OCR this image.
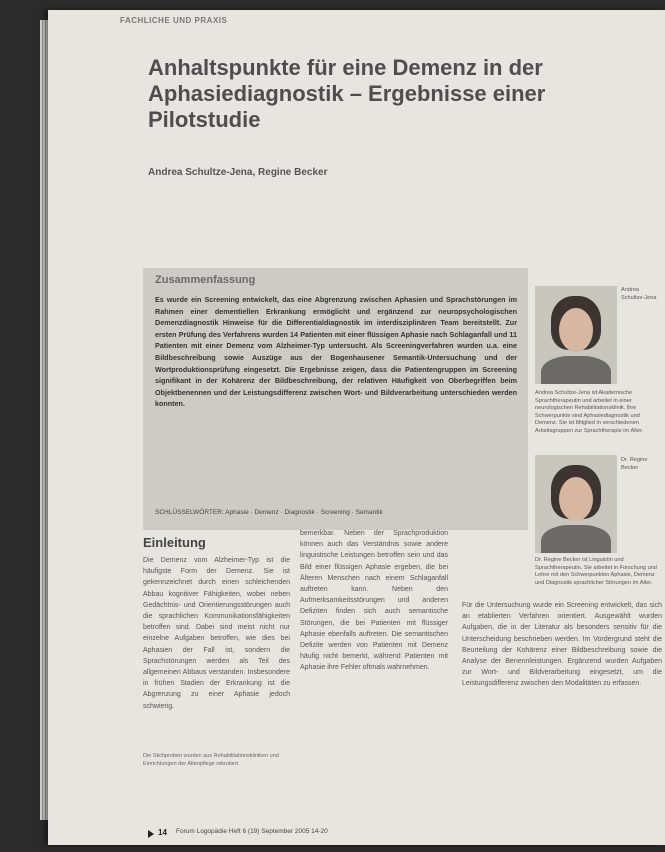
FACHLICHE UND PRAXIS
Anhaltspunkte für eine Demenz in der Aphasiediagnostik – Ergebnisse einer Pilotstudie
Andrea Schultze-Jena, Regine Becker
Zusammenfassung
Es wurde ein Screening entwickelt, das eine Abgrenzung zwischen Aphasien und Sprachstörungen im Rahmen einer dementiellen Erkrankung ermöglicht und ergänzend zur neuropsychologischen Demenzdiagnostik Hinweise für die Differentialdiagnostik im interdisziplinären Team bereitstellt. Zur ersten Prüfung des Verfahrens wurden 14 Patienten mit einer flüssigen Aphasie nach Schlaganfall und 11 Patienten mit einer Demenz vom Alzheimer-Typ untersucht. Als Screeningverfahren wurden u.a. eine Bildbeschreibung sowie Auszüge aus der Bogenhausener Semantik-Untersuchung und der Wortproduktionsprüfung eingesetzt. Die Ergebnisse zeigen, dass die Patientengruppen im Screening signifikant in der Kohärenz der Bildbeschreibung, der relativen Häufigkeit von Oberbegriffen beim Objektbenennen und der Leistungsdifferenz zwischen Wort- und Bildverarbeitung unterschieden werden konnten.
SCHLÜSSELWÖRTER: Aphasie · Demenz · Diagnostik · Screening · Semantik
Andrea Schultze-Jena
Andrea Schultze-Jena ist Akademische Sprachtherapeutin und arbeitet in einer neurologischen Rehabilitationsklinik. Ihre Schwerpunkte sind Aphasiediagnostik und Demenz. Sie ist Mitglied in verschiedenen Arbeitsgruppen zur Sprachtherapie im Alter.
Dr. Regine Becker
Dr. Regine Becker ist Linguistin und Sprachtherapeutin. Sie arbeitet in Forschung und Lehre mit den Schwerpunkten Aphasie, Demenz und Diagnostik sprachlicher Störungen im Alter.
Einleitung
Die Demenz vom Alzheimer-Typ ist die häufigste Form der Demenz. Sie ist gekennzeichnet durch einen schleichenden Abbau kognitiver Fähigkeiten, wobei neben Gedächtnis- und Orientierungsstörungen auch die sprachlichen Kommunikationsfähigkeiten betroffen sind. Dabei sind meist nicht nur einzelne Aufgaben betroffen, wie dies bei Aphasien der Fall ist, sondern die Sprachstörungen werden als Teil des allgemeinen Abbaus verstanden. Insbesondere in frühen Stadien der Erkrankung ist die Abgrenzung zu einer Aphasie jedoch schwierig.
bemerkbar. Neben der Sprachproduktion können auch das Verständnis sowie andere linguistische Leistungen betroffen sein und das Bild einer flüssigen Aphasie ergeben, die bei Älteren Menschen nach einem Schlaganfall auftreten kann. Neben den Aufmerksamkeitsstörungen und anderen Defiziten finden sich auch semantische Störungen, die bei Patienten mit flüssiger Aphasie ebenfalls auftreten. Die semantischen Defizite werden von Patienten mit Demenz häufig nicht bemerkt, während Patienten mit Aphasie ihre Fehler oftmals wahrnehmen.
Für die Untersuchung wurde ein Screening entwickelt, das sich an etablierten Verfahren orientiert. Ausgewählt wurden Aufgaben, die in der Literatur als besonders sensitiv für die Unterscheidung beschrieben werden. Im Vordergrund steht die Beurteilung der Kohärenz einer Bildbeschreibung sowie die Analyse der Benennleistungen. Ergänzend wurden Aufgaben zur Wort- und Bildverarbeitung eingesetzt, um die Leistungsdifferenz zwischen den Modalitäten zu erfassen.
Die Stichproben wurden aus Rehabilitationskliniken und Einrichtungen der Altenpflege rekrutiert.
14 Forum Logopädie Heft 6 (19) September 2005 14-20
